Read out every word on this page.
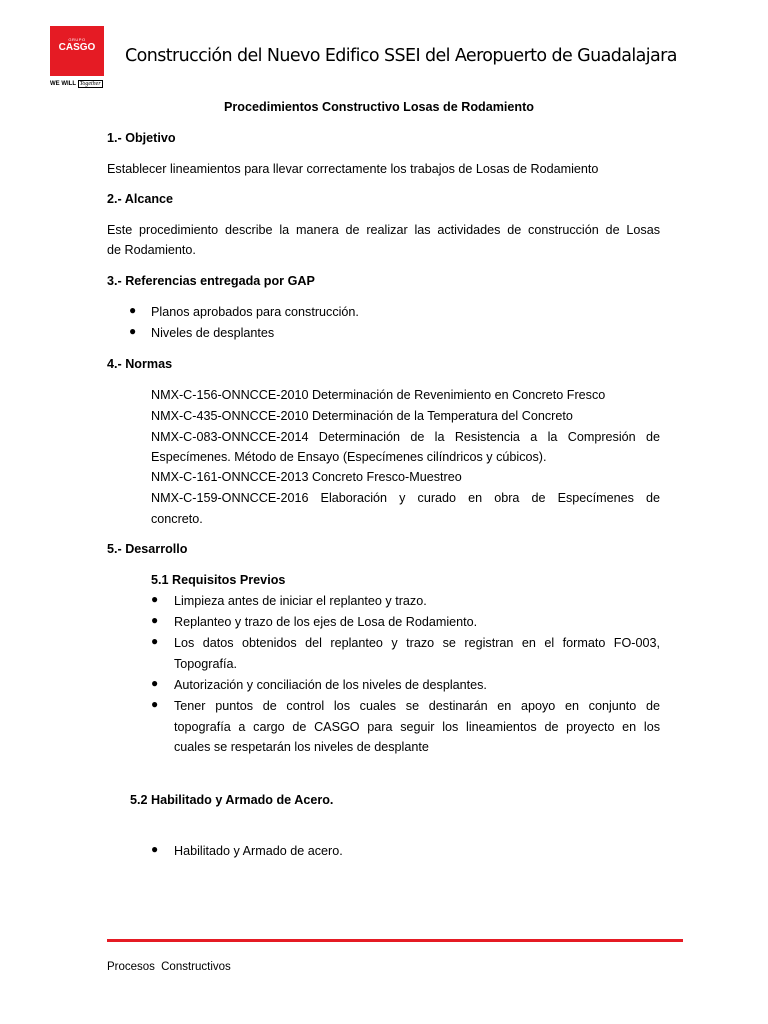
GRUPO
CASGO
WE WILL Together
Construcción del Nuevo Edifico SSEI del Aeropuerto de Guadalajara
Procedimientos Constructivo Losas de Rodamiento
1.- Objetivo
Establecer lineamientos para llevar correctamente los trabajos de Losas de Rodamiento
2.- Alcance
Este procedimiento describe la manera de realizar las actividades de construcción de Losas
de Rodamiento.
3.- Referencias entregada por GAP
● Planos aprobados para construcción.
● Niveles de desplantes
4.- Normas
NMX-C-156-ONNCCE-2010 Determinación de Revenimiento en Concreto Fresco
NMX-C-435-ONNCCE-2010 Determinación de la Temperatura del Concreto
NMX-C-083-ONNCCE-2014 Determinación de la Resistencia a la Compresión de
Especímenes. Método de Ensayo (Especímenes cilíndricos y cúbicos).
NMX-C-161-ONNCCE-2013 Concreto Fresco-Muestreo
NMX-C-159-ONNCCE-2016 Elaboración y curado en obra de Especímenes de
concreto.
5.- Desarrollo
5.1 Requisitos Previos
● Limpieza antes de iniciar el replanteo y trazo.
● Replanteo y trazo de los ejes de Losa de Rodamiento.
● Los datos obtenidos del replanteo y trazo se registran en el formato FO-003,
Topografía.
● Autorización y conciliación de los niveles de desplantes.
● Tener puntos de control los cuales se destinarán en apoyo en conjunto de
topografía a cargo de CASGO para seguir los lineamientos de proyecto en los
cuales se respetarán los niveles de desplante
5.2 Habilitado y Armado de Acero.
● Habilitado y Armado de acero.
Procesos Constructivos
